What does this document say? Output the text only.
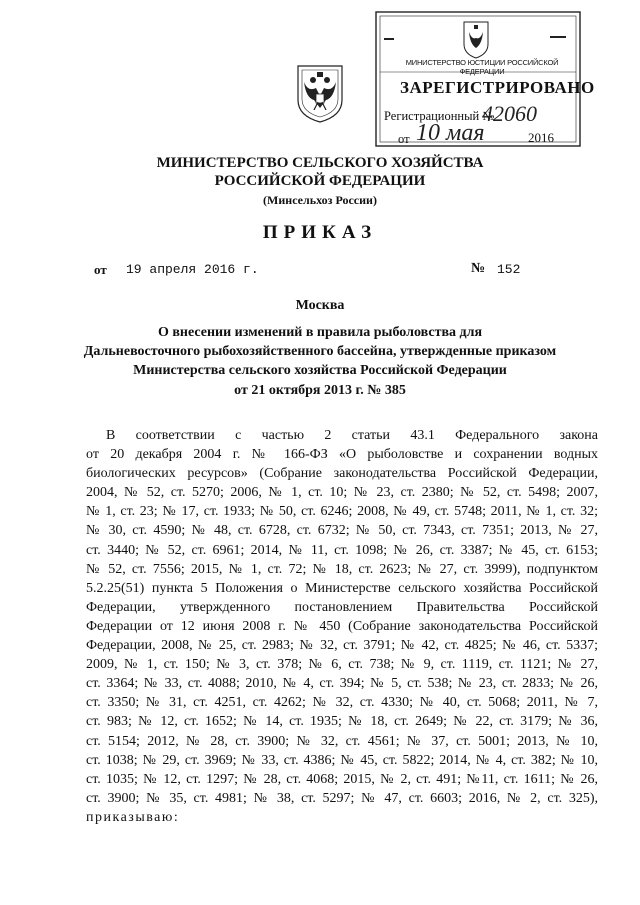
МИНИСТЕРСТВО ЮСТИЦИИ РОССИЙСКОЙ ФЕДЕРАЦИИ
ЗАРЕГИСТРИРОВАНО
Регистрационный №
42060
от 10 мая	2016
МИНИСТЕРСТВО СЕЛЬСКОГО ХОЗЯЙСТВА
РОССИЙСКОЙ ФЕДЕРАЦИИ
(Минсельхоз России)
ПРИКАЗ
от 19 апреля 2016 г.	№ 152
Москва
О внесении изменений в правила рыболовства для
Дальневосточного рыбохозяйственного бассейна, утвержденные приказом
Министерства сельского хозяйства Российской Федерации
от 21 октября 2013 г. № 385
В соответствии с частью 2 статьи 43.1 Федерального закона
от 20 декабря 2004 г. № 166-ФЗ «О рыболовстве и сохранении водных
биологических ресурсов» (Собрание законодательства Российской Федерации,
2004, № 52, ст. 5270; 2006, № 1, ст. 10; № 23, ст. 2380; № 52, ст. 5498; 2007,
№ 1, ст. 23; № 17, ст. 1933; № 50, ст. 6246; 2008, № 49, ст. 5748; 2011, № 1, ст. 32;
№ 30, ст. 4590; № 48, ст. 6728, ст. 6732; № 50, ст. 7343, ст. 7351; 2013, № 27,
ст. 3440; № 52, ст. 6961; 2014, № 11, ст. 1098; № 26, ст. 3387; № 45, ст. 6153;
№ 52, ст. 7556; 2015, № 1, ст. 72; № 18, ст. 2623; № 27, ст. 3999), подпунктом
5.2.25(51) пункта 5 Положения о Министерстве сельского хозяйства Российской
Федерации, утвержденного постановлением Правительства Российской
Федерации от 12 июня 2008 г. № 450 (Собрание законодательства Российской
Федерации, 2008, № 25, ст. 2983; № 32, ст. 3791; № 42, ст. 4825; № 46, ст. 5337;
2009, № 1, ст. 150; № 3, ст. 378; № 6, ст. 738; № 9, ст. 1119, ст. 1121; № 27,
ст. 3364; № 33, ст. 4088; 2010, № 4, ст. 394; № 5, ст. 538; № 23, ст. 2833; № 26,
ст. 3350; № 31, ст. 4251, ст. 4262; № 32, ст. 4330; № 40, ст. 5068; 2011, № 7,
ст. 983; № 12, ст. 1652; № 14, ст. 1935; № 18, ст. 2649; № 22, ст. 3179; № 36,
ст. 5154; 2012, № 28, ст. 3900; № 32, ст. 4561; № 37, ст. 5001; 2013, № 10,
ст. 1038; № 29, ст. 3969; № 33, ст. 4386; № 45, ст. 5822; 2014, № 4, ст. 382; № 10,
ст. 1035; № 12, ст. 1297; № 28, ст. 4068; 2015, № 2, ст. 491; №11, ст. 1611; № 26,
ст. 3900; № 35, ст. 4981; № 38, ст. 5297; № 47, ст. 6603; 2016, № 2, ст. 325),
приказываю:
